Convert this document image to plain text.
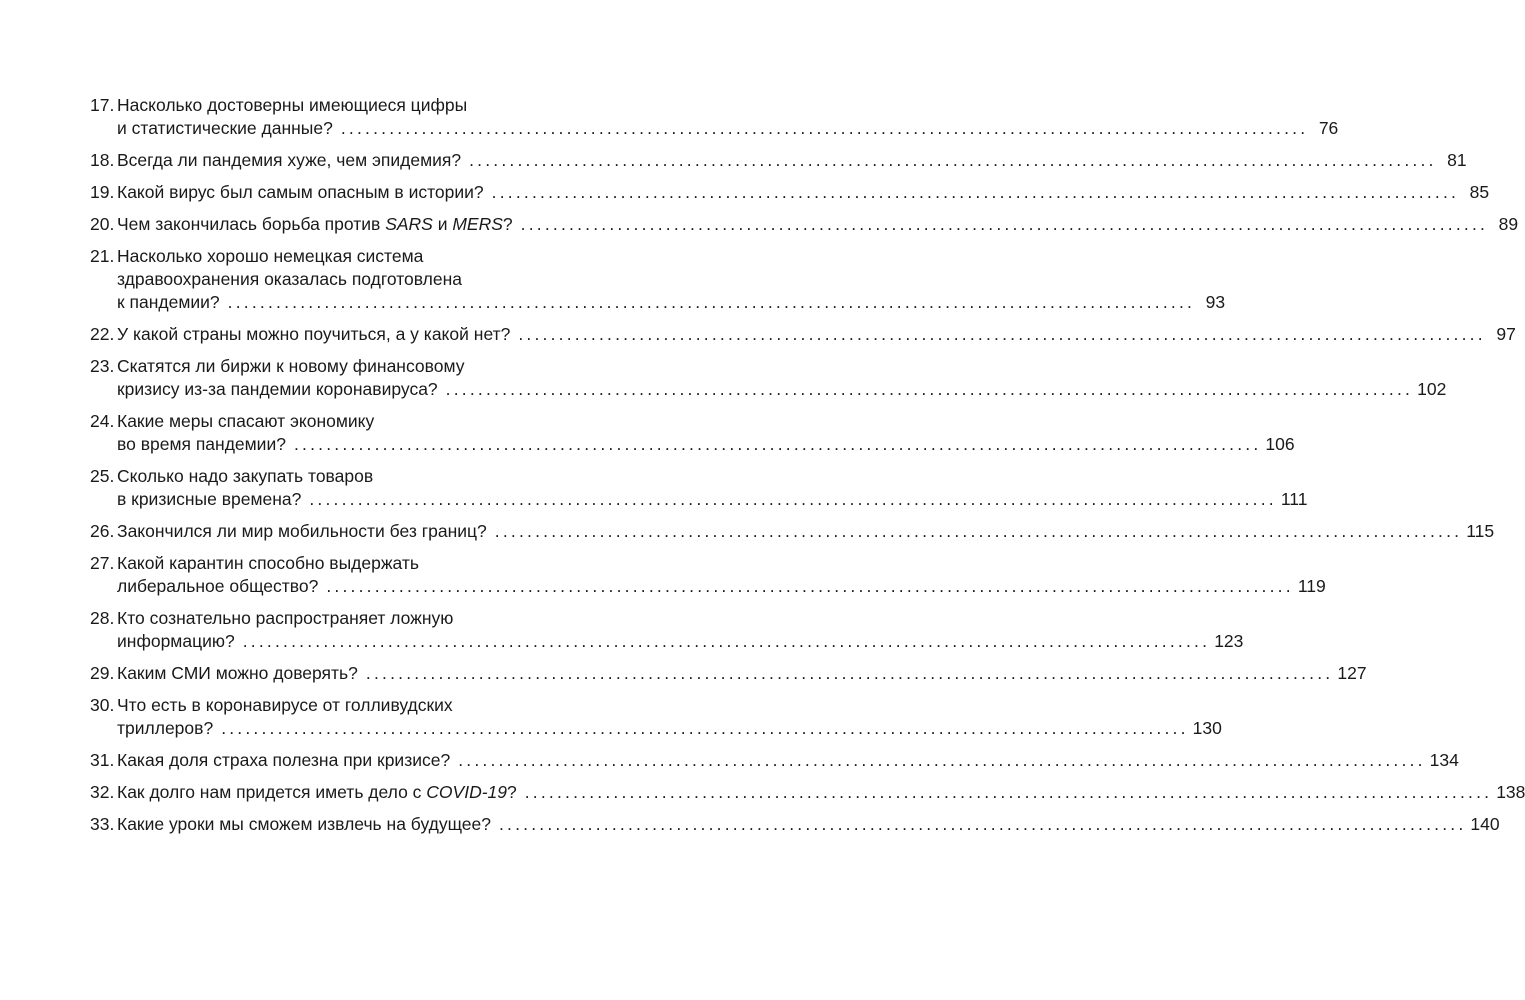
17. Насколько достоверны имеющиеся цифры
и статистические данные? ........................................................................................................................ 76
18. Всегда ли пандемия хуже, чем эпидемия? ........................................................................................................................ 81
19. Какой вирус был самым опасным в истории? ........................................................................................................................ 85
20. Чем закончилась борьба против SARS и MERS? ........................................................................................................................ 89
21. Насколько хорошо немецкая система
здравоохранения оказалась подготовлена
к пандемии? ........................................................................................................................ 93
22. У какой страны можно поучиться, а у какой нет? ........................................................................................................................ 97
23. Скатятся ли биржи к новому финансовому
кризису из-за пандемии коронавируса? ........................................................................................................................ 102
24. Какие меры спасают экономику
во время пандемии? ........................................................................................................................ 106
25. Сколько надо закупать товаров
в кризисные времена? ........................................................................................................................ 111
26. Закончился ли мир мобильности без границ? ........................................................................................................................ 115
27. Какой карантин способно выдержать
либеральное общество? ........................................................................................................................ 119
28. Кто сознательно распространяет ложную
информацию? ........................................................................................................................ 123
29. Каким СМИ можно доверять? ........................................................................................................................ 127
30. Что есть в коронавирусе от голливудских
триллеров? ........................................................................................................................ 130
31. Какая доля страха полезна при кризисе? ........................................................................................................................ 134
32. Как долго нам придется иметь дело с COVID-19? ........................................................................................................................ 138
33. Какие уроки мы сможем извлечь на будущее? ........................................................................................................................ 140
